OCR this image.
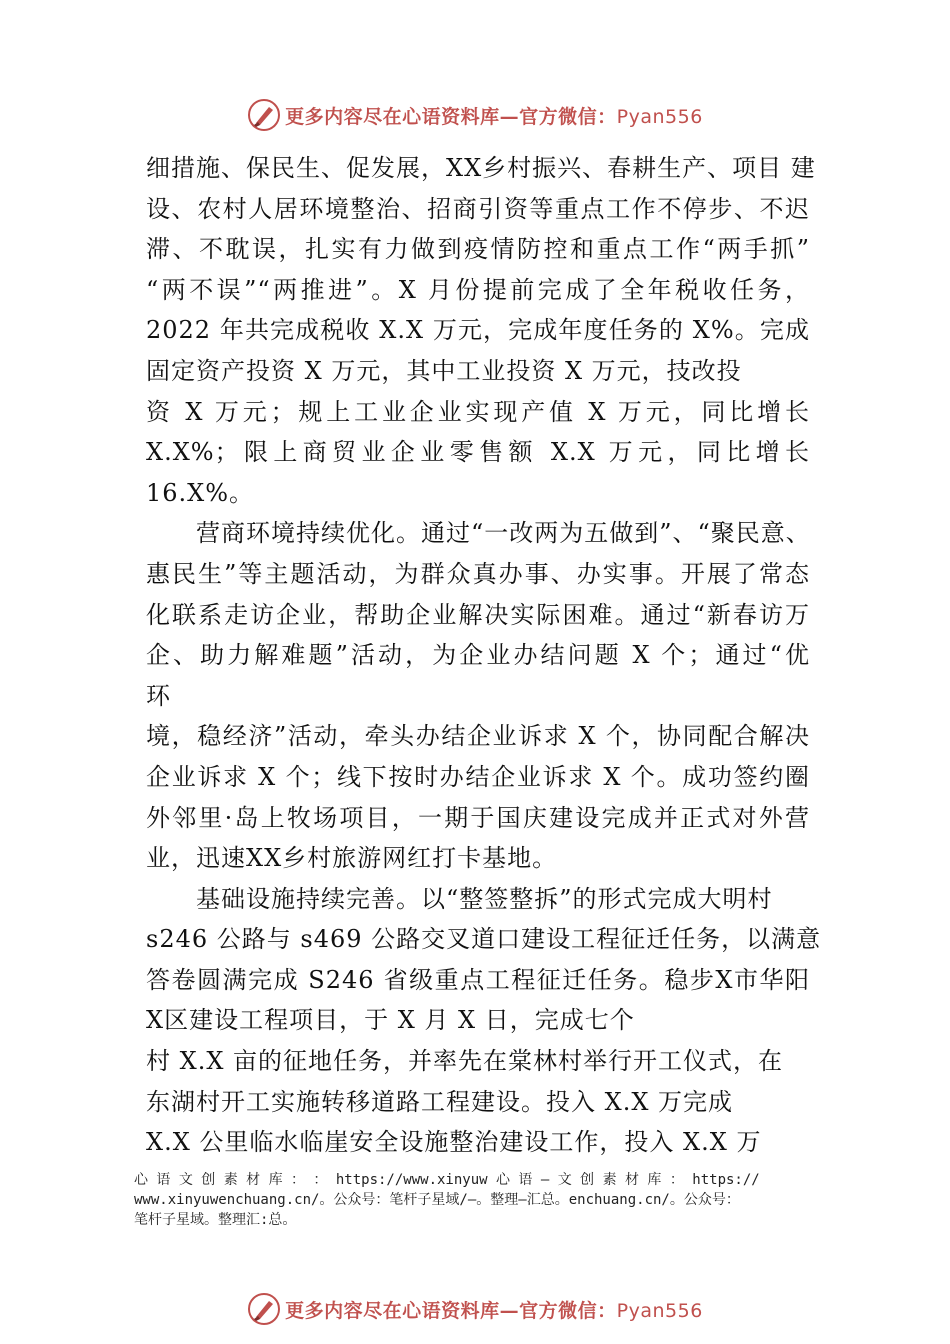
更多内容尽在心语资料库—官方微信：Pyan556

细措施、保民生、促发展，XX乡村振兴、春耕生产、项目 建
设、农村人居环境整治、招商引资等重点工作不停步、不迟
滞、不耽误，扎实有力做到疫情防控和重点工作“两手抓”
“两不误”“两推进”。X 月份提前完成了全年税收任务，
2022 年共完成税收 X.X 万元，完成年度任务的 X%。完成
固定资产投资 X 万元，其中工业投资 X 万元，技改投
资 X 万元；规上工业企业实现产值 X 万元，同比增长
X.X%；限上商贸业企业零售额 X.X 万元，同比增长
16.X%。

营商环境持续优化。通过“一改两为五做到”、“聚民意、
惠民生”等主题活动，为群众真办事、办实事。开展了常态
化联系走访企业，帮助企业解决实际困难。通过“新春访万
企、助力解难题”活动，为企业办结问题 X 个；通过“优
环
境，稳经济”活动，牵头办结企业诉求 X 个，协同配合解决
企业诉求 X 个；线下按时办结企业诉求 X 个。成功签约圈
外邻里·岛上牧场项目，一期于国庆建设完成并正式对外营
业，迅速XX乡村旅游网红打卡基地。

基础设施持续完善。以“整签整拆”的形式完成大明村
s246 公路与 s469 公路交叉道口建设工程征迁任务，以满意
答卷圆满完成 S246 省级重点工程征迁任务。稳步X市华阳
X区建设工程项目，于 X 月 X 日，完成七个
村 X.X 亩的征地任务，并率先在棠林村举行开工仪式，在
东湖村开工实施转移道路工程建设。投入 X.X 万完成
X.X 公里临水临崖安全设施整治建设工作，投入 X.X 万

心 语 文 创 素 材 库 ： ： https://www.xinyuw 心 语 — 文 创 素 材 库 ： https://
www.xinyuwenchuang.cn/。公众号：笔杆子星域/—。整理—汇总。enchuang.cn/。公众号：
笔杆子星域。整理汇:总。
更多内容尽在心语资料库—官方微信：Pyan556
